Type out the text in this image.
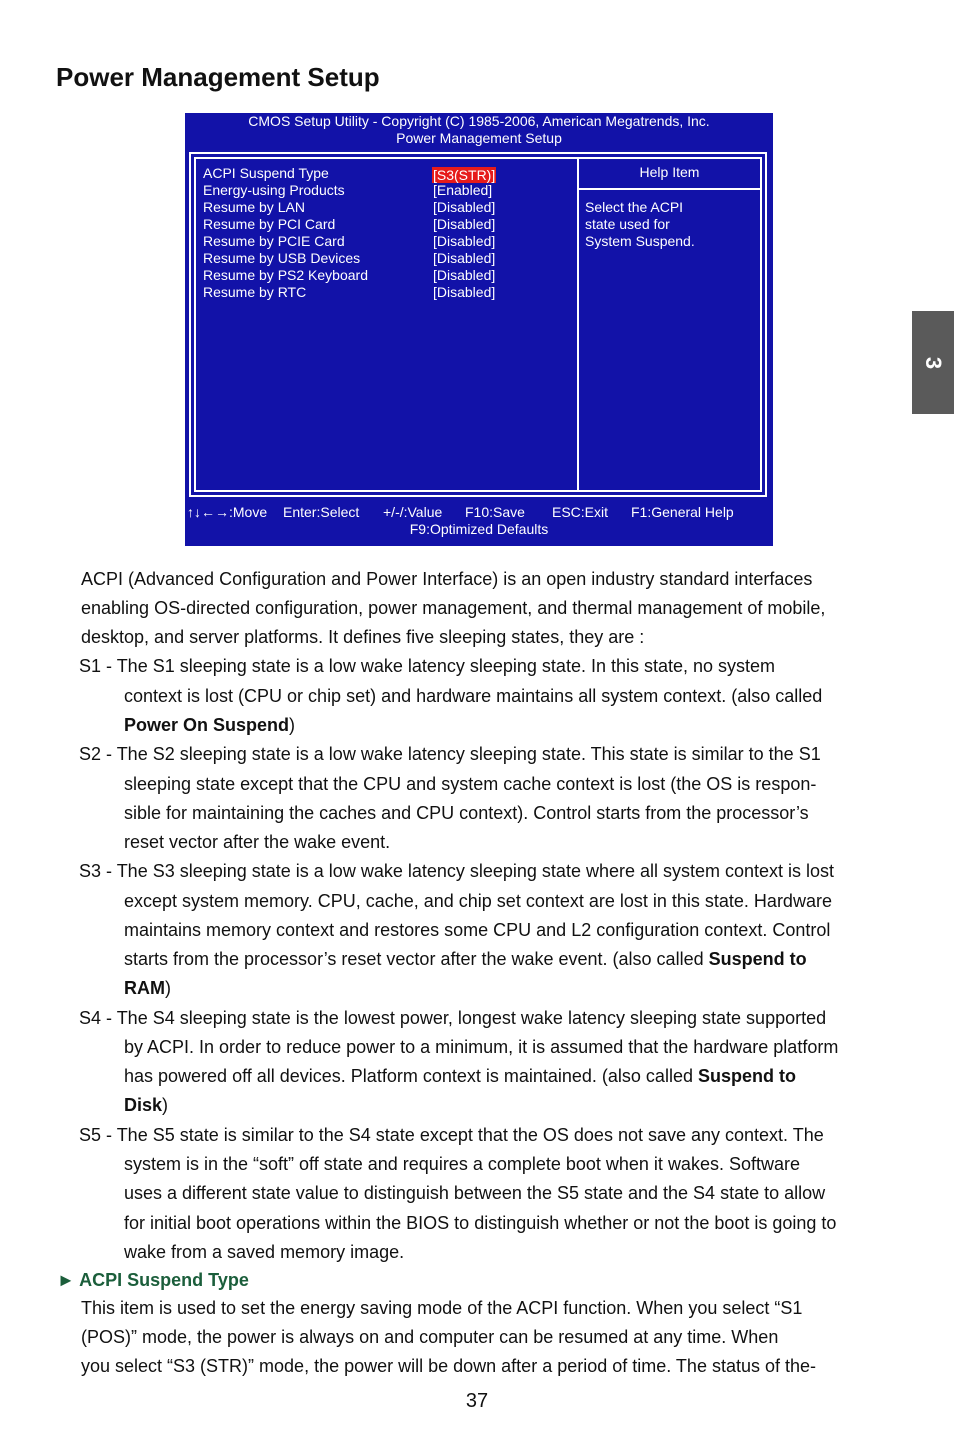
Power Management Setup
3
CMOS Setup Utility - Copyright (C) 1985-2006, American Megatrends, Inc.
Power Management Setup
ACPI Suspend Type	[S3(STR)]
Energy-using Products	[Enabled]
Resume by LAN	[Disabled]
Resume by PCI Card	[Disabled]
Resume by PCIE Card	[Disabled]
Resume by USB Devices	[Disabled]
Resume by PS2 Keyboard	[Disabled]
Resume by RTC	[Disabled]
Help Item
Select the ACPI
state used for
System Suspend.
↑↓←→:Move Enter:Select +/-/:Value F10:Save ESC:Exit F1:General Help
F9:Optimized Defaults
ACPI (Advanced Configuration and Power Interface) is an open industry standard interfaces
enabling OS-directed configuration, power management, and thermal management of mobile,
desktop, and server platforms. It defines five sleeping states, they are :
S1 - The S1 sleeping state is a low wake latency sleeping state. In this state, no system
context is lost (CPU or chip set) and hardware maintains all system context. (also called
Power On Suspend)
S2 - The S2 sleeping state is a low wake latency sleeping state. This state is similar to the S1
sleeping state except that the CPU and system cache context is lost (the OS is respon-
sible for maintaining the caches and CPU context). Control starts from the processor’s
reset vector after the wake event.
S3 - The S3 sleeping state is a low wake latency sleeping state where all system context is lost
except system memory. CPU, cache, and chip set context are lost in this state. Hardware
maintains memory context and restores some CPU and L2 configuration context. Control
starts from the processor’s reset vector after the wake event. (also called Suspend to
RAM)
S4 - The S4 sleeping state is the lowest power, longest wake latency sleeping state supported
by ACPI. In order to reduce power to a minimum, it is assumed that the hardware platform
has powered off all devices. Platform context is maintained. (also called Suspend to
Disk)
S5 - The S5 state is similar to the S4 state except that the OS does not save any context. The
system is in the “soft” off state and requires a complete boot when it wakes. Software
uses a different state value to distinguish between the S5 state and the S4 state to allow
for initial boot operations within the BIOS to distinguish whether or not the boot is going to
wake from a saved memory image.
► ACPI Suspend Type
This item is used to set the energy saving mode of the ACPI function. When you select “S1
(POS)” mode, the power is always on and computer can be resumed at any time. When
you select “S3 (STR)” mode, the power will be down after a period of time. The status of the-
37
